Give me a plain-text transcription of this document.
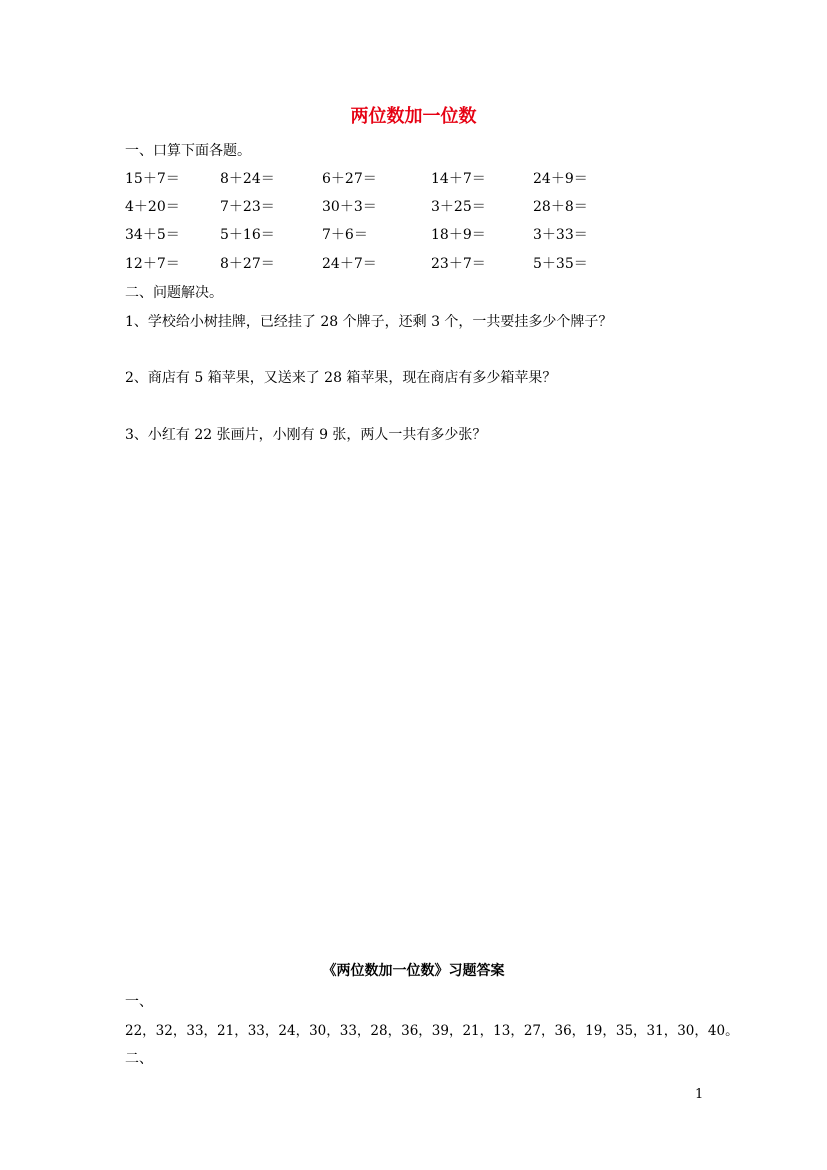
两位数加一位数
一、口算下面各题。
15＋7＝	8＋24＝	6＋27＝	14＋7＝	24＋9＝
4＋20＝	7＋23＝	30＋3＝	3＋25＝	28＋8＝
34＋5＝	5＋16＝	7＋6＝	18＋9＝	3＋33＝
12＋7＝	8＋27＝	24＋7＝	23＋7＝	5＋35＝
二、问题解决。
1、学校给小树挂牌，已经挂了 28 个牌子，还剩 3 个，一共要挂多少个牌子？
2、商店有 5 箱苹果，又送来了 28 箱苹果，现在商店有多少箱苹果？
3、小红有 22 张画片，小刚有 9 张，两人一共有多少张？
《两位数加一位数》习题答案
一、
22，32，33，21，33，24，30，33，28，36，39，21，13，27，36，19，35，31，30，40。
二、
1
